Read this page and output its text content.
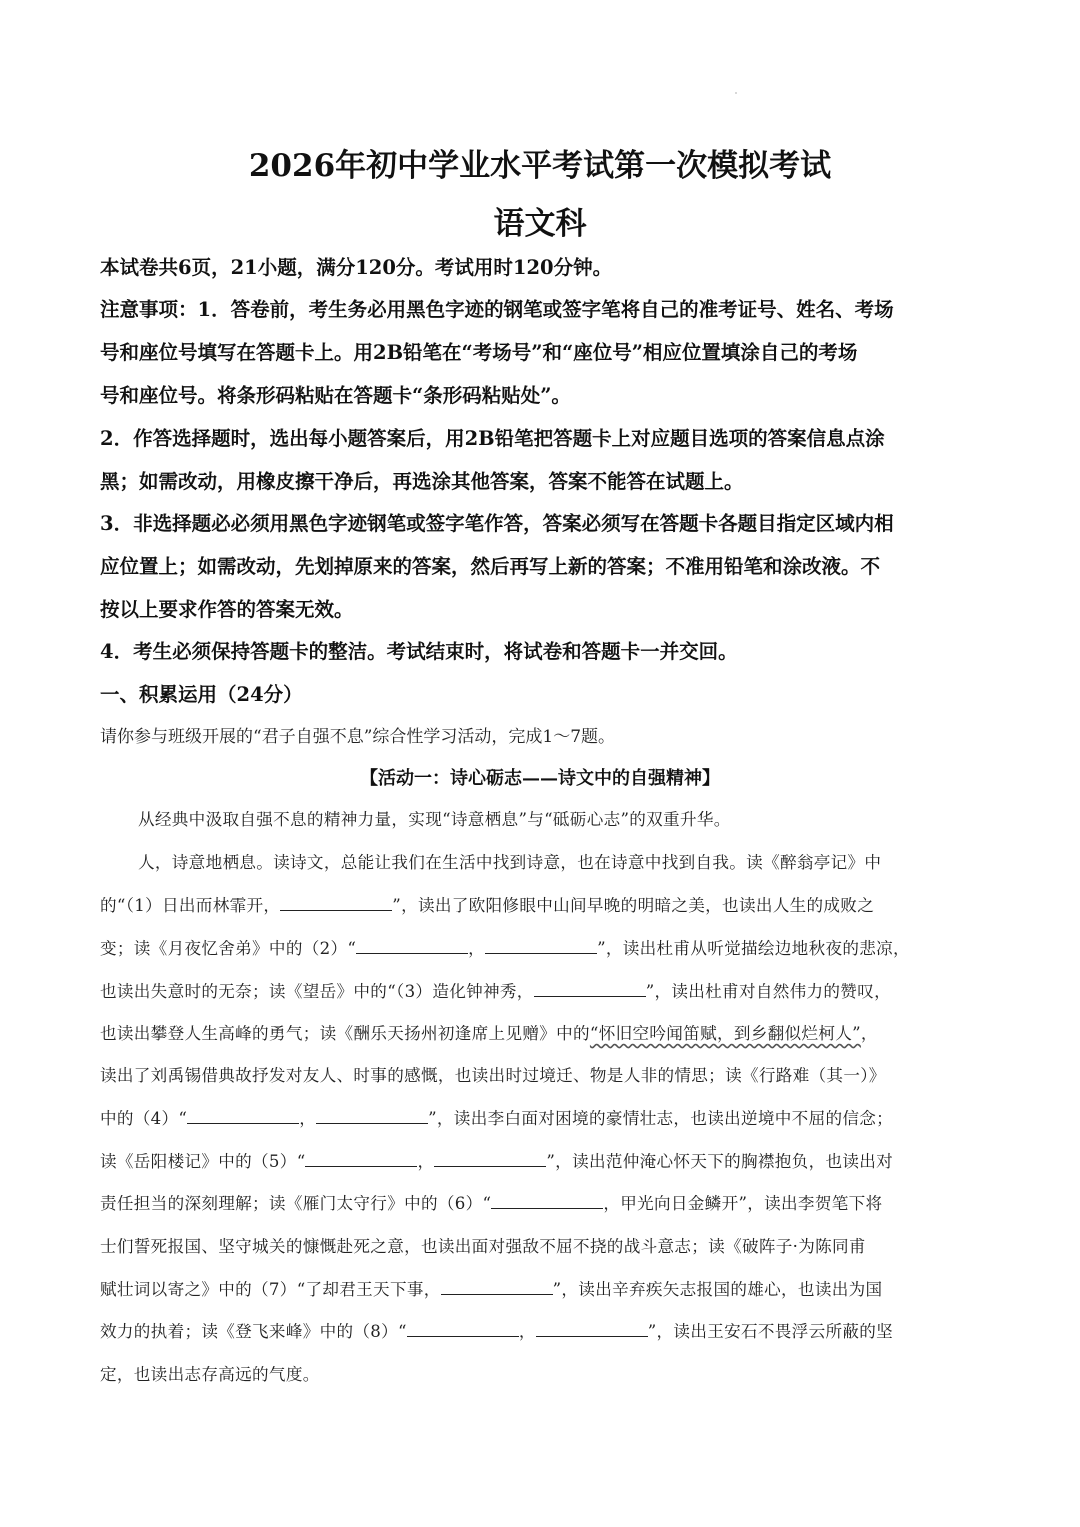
2026年初中学业水平考试第一次模拟考试
语文科
本试卷共6页，21小题，满分120分。考试用时120分钟。
注意事项：1．答卷前，考生务必用黑色字迹的钢笔或签字笔将自己的准考证号、姓名、考场
号和座位号填写在答题卡上。用2B铅笔在“考场号”和“座位号”相应位置填涂自己的考场
号和座位号。将条形码粘贴在答题卡“条形码粘贴处”。
2．作答选择题时，选出每小题答案后，用2B铅笔把答题卡上对应题目选项的答案信息点涂
黑；如需改动，用橡皮擦干净后，再选涂其他答案，答案不能答在试题上。
3．非选择题必必须用黑色字迹钢笔或签字笔作答，答案必须写在答题卡各题目指定区域内相
应位置上；如需改动，先划掉原来的答案，然后再写上新的答案；不准用铅笔和涂改液。不
按以上要求作答的答案无效。
4．考生必须保持答题卡的整洁。考试结束时，将试卷和答题卡一并交回。
一、积累运用（24分）
请你参与班级开展的“君子自强不息”综合性学习活动，完成1～7题。
【活动一：诗心砺志——诗文中的自强精神】
从经典中汲取自强不息的精神力量，实现“诗意栖息”与“砥砺心志”的双重升华。
人，诗意地栖息。读诗文，总能让我们在生活中找到诗意，也在诗意中找到自我。读《醉翁亭记》中
的“（1）日出而林霏开，	”，读出了欧阳修眼中山间早晚的明暗之美，也读出人生的成败之
变；读《月夜忆舍弟》中的（2）“	，	”，读出杜甫从听觉描绘边地秋夜的悲凉，
也读出失意时的无奈；读《望岳》中的“（3）造化钟神秀，	”，读出杜甫对自然伟力的赞叹，
也读出攀登人生高峰的勇气；读《酬乐天扬州初逢席上见赠》中的“怀旧空吟闻笛赋，到乡翻似烂柯人”，
读出了刘禹锡借典故抒发对友人、时事的感慨，也读出时过境迁、物是人非的情思；读《行路难（其一）》
中的（4）“	，	”，读出李白面对困境的豪情壮志，也读出逆境中不屈的信念；
读《岳阳楼记》中的（5）“	，	”，读出范仲淹心怀天下的胸襟抱负，也读出对
责任担当的深刻理解；读《雁门太守行》中的（6）“	，甲光向日金鳞开”，读出李贺笔下将
士们誓死报国、坚守城关的慷慨赴死之意，也读出面对强敌不屈不挠的战斗意志；读《破阵子·为陈同甫
赋壮词以寄之》中的（7）“了却君王天下事，	”，读出辛弃疾矢志报国的雄心，也读出为国
效力的执着；读《登飞来峰》中的（8）“	，	”，读出王安石不畏浮云所蔽的坚
定，也读出志存高远的气度。
